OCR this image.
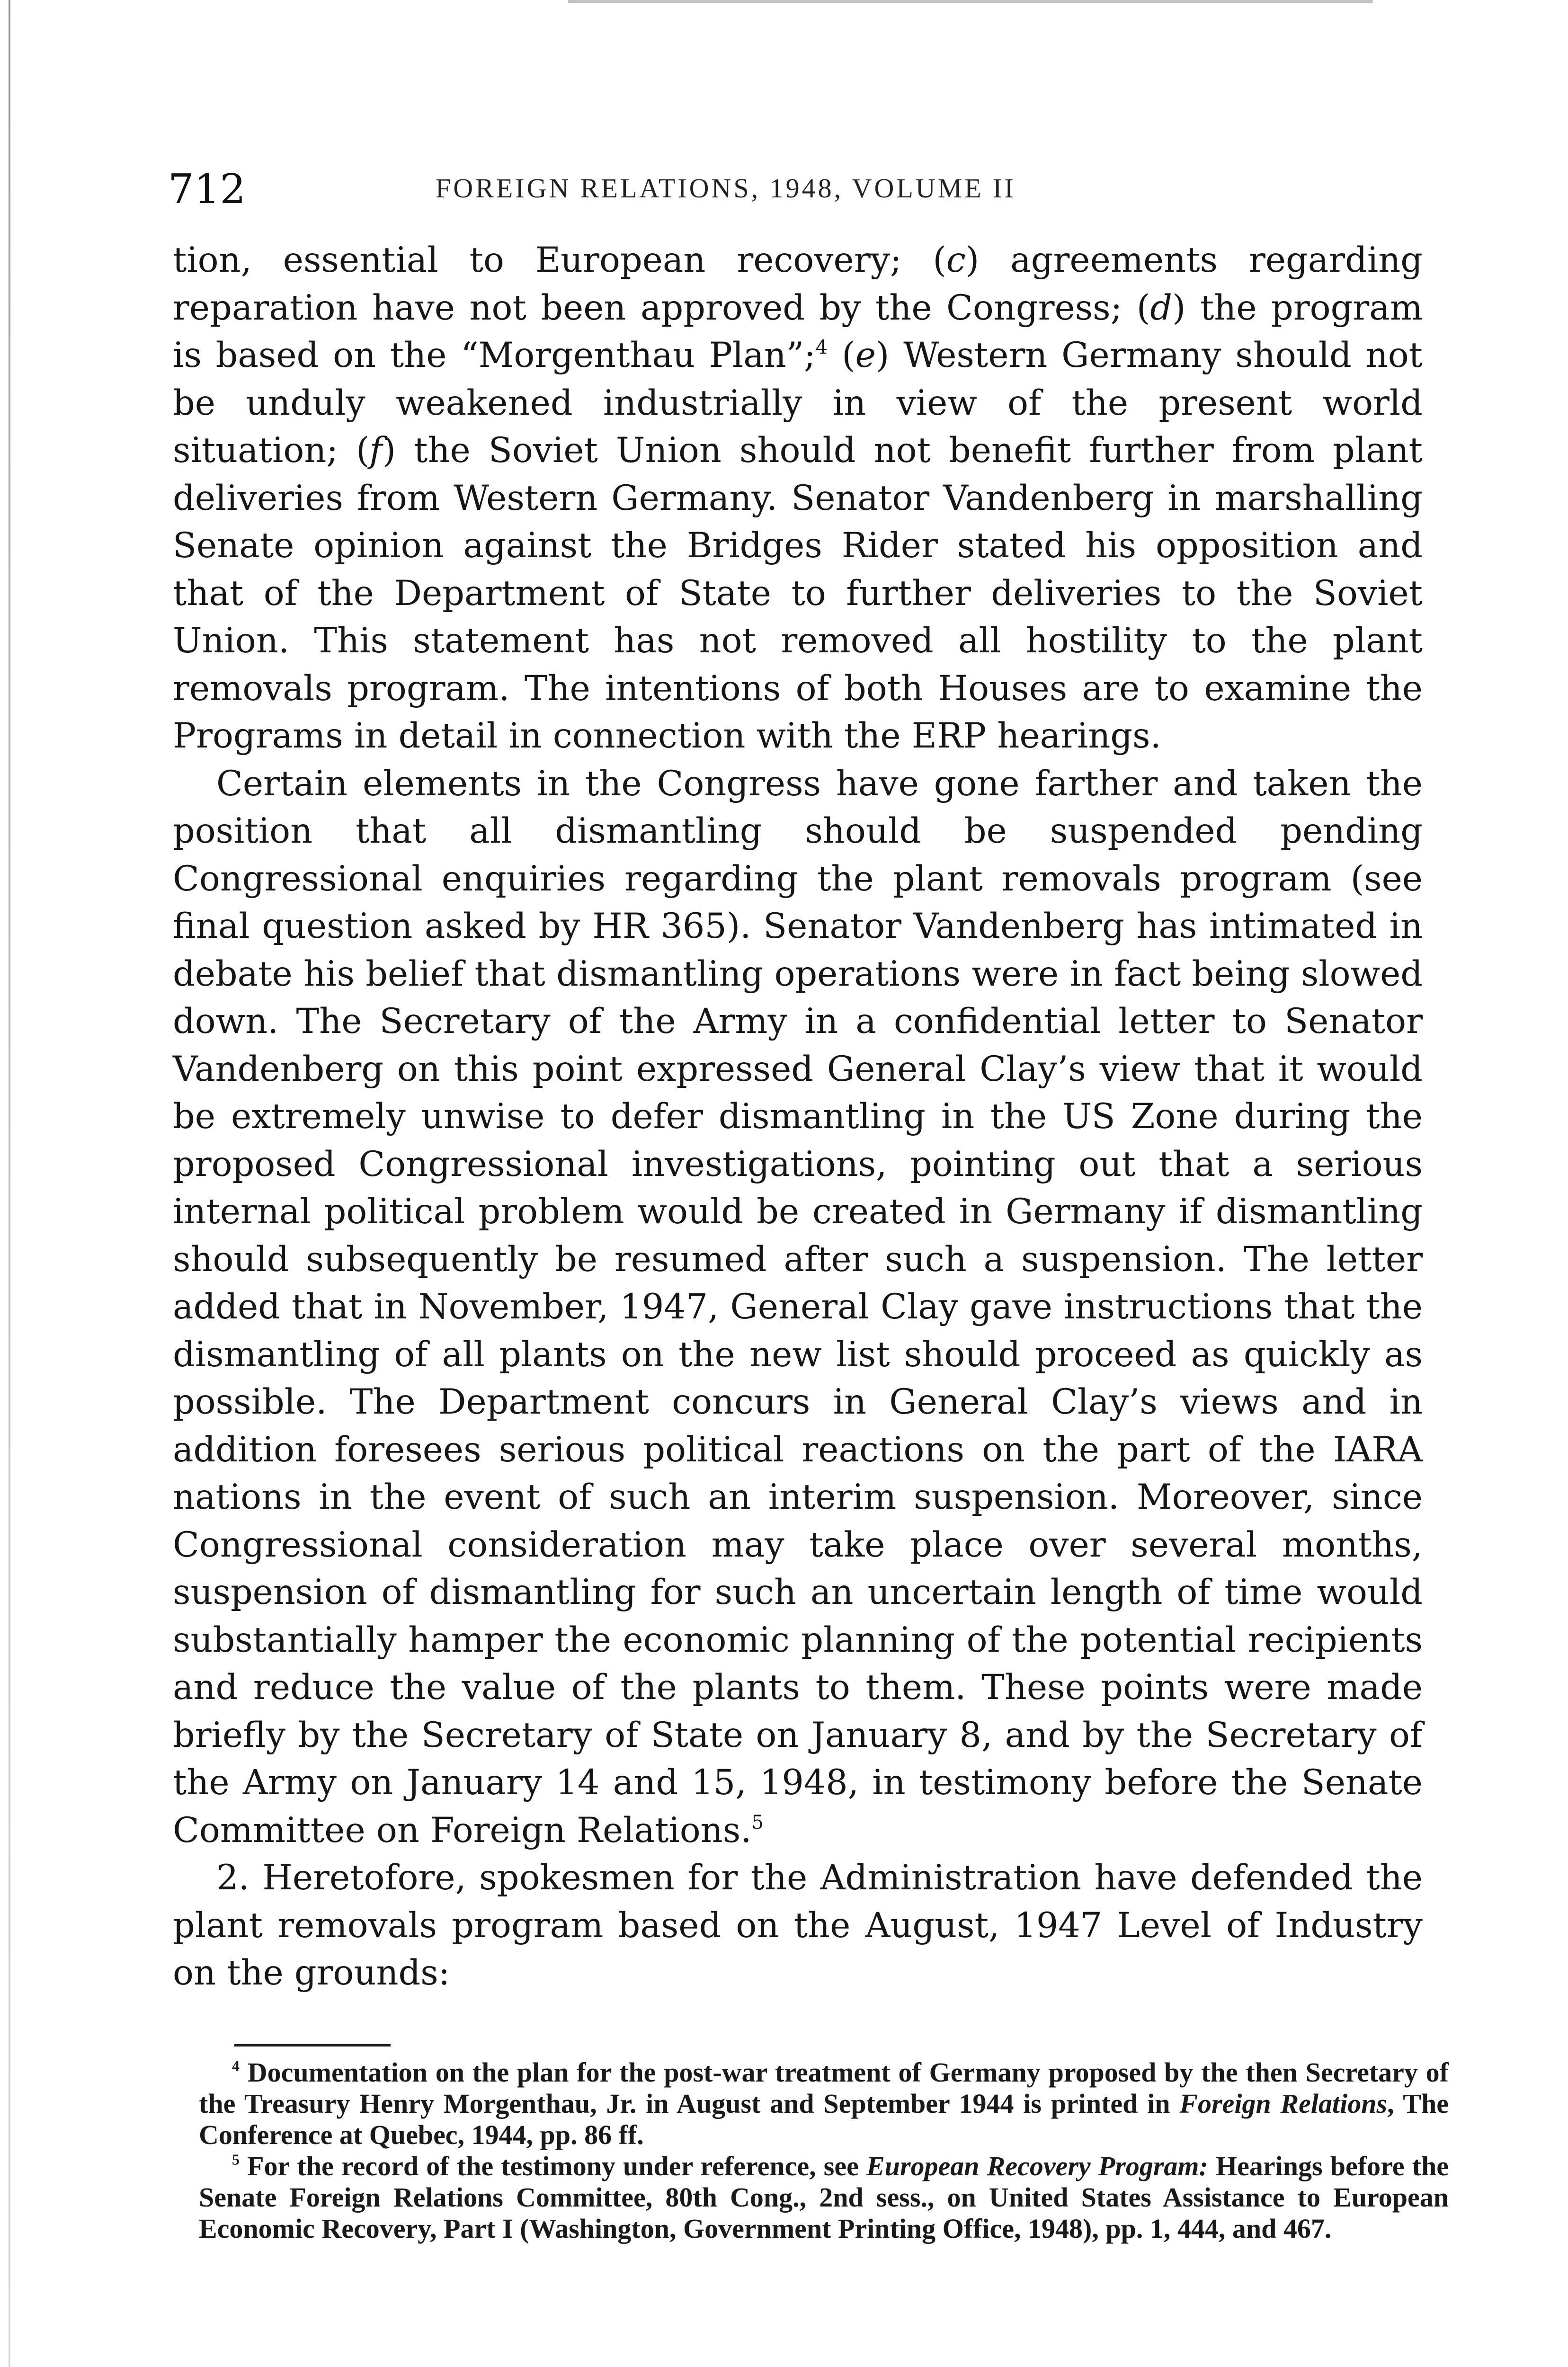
712	FOREIGN RELATIONS, 1948, VOLUME II

tion, essential to European recovery; (c) agreements regarding reparation have not been approved by the Congress; (d) the program is based on the “Morgenthau Plan”;$^4$ (e) Western Germany should not be unduly weakened industrially in view of the present world situation; (f) the Soviet Union should not benefit further from plant deliveries from Western Germany. Senator Vandenberg in marshalling Senate opinion against the Bridges Rider stated his opposition and that of the Department of State to further deliveries to the Soviet Union. This statement has not removed all hostility to the plant removals program. The intentions of both Houses are to examine the Programs in detail in connection with the ERP hearings.

Certain elements in the Congress have gone farther and taken the position that all dismantling should be suspended pending Congressional enquiries regarding the plant removals program (see final question asked by HR 365). Senator Vandenberg has intimated in debate his belief that dismantling operations were in fact being slowed down. The Secretary of the Army in a confidential letter to Senator Vandenberg on this point expressed General Clay’s view that it would be extremely unwise to defer dismantling in the US Zone during the proposed Congressional investigations, pointing out that a serious internal political problem would be created in Germany if dismantling should subsequently be resumed after such a suspension. The letter added that in November, 1947, General Clay gave instructions that the dismantling of all plants on the new list should proceed as quickly as possible. The Department concurs in General Clay’s views and in addition foresees serious political reactions on the part of the IARA nations in the event of such an interim suspension. Moreover, since Congressional consideration may take place over several months, suspension of dismantling for such an uncertain length of time would substantially hamper the economic planning of the potential recipients and reduce the value of the plants to them. These points were made briefly by the Secretary of State on January 8, and by the Secretary of the Army on January 14 and 15, 1948, in testimony before the Senate Committee on Foreign Relations.$^5$

2. Heretofore, spokesmen for the Administration have defended the plant removals program based on the August, 1947 Level of Industry on the grounds:

$^4$ Documentation on the plan for the post-war treatment of Germany proposed by the then Secretary of the Treasury Henry Morgenthau, Jr. in August and September 1944 is printed in Foreign Relations, The Conference at Quebec, 1944, pp. 86 ff.

$^5$ For the record of the testimony under reference, see European Recovery Program: Hearings before the Senate Foreign Relations Committee, 80th Cong., 2nd sess., on United States Assistance to European Economic Recovery, Part I (Washington, Government Printing Office, 1948), pp. 1, 444, and 467.
